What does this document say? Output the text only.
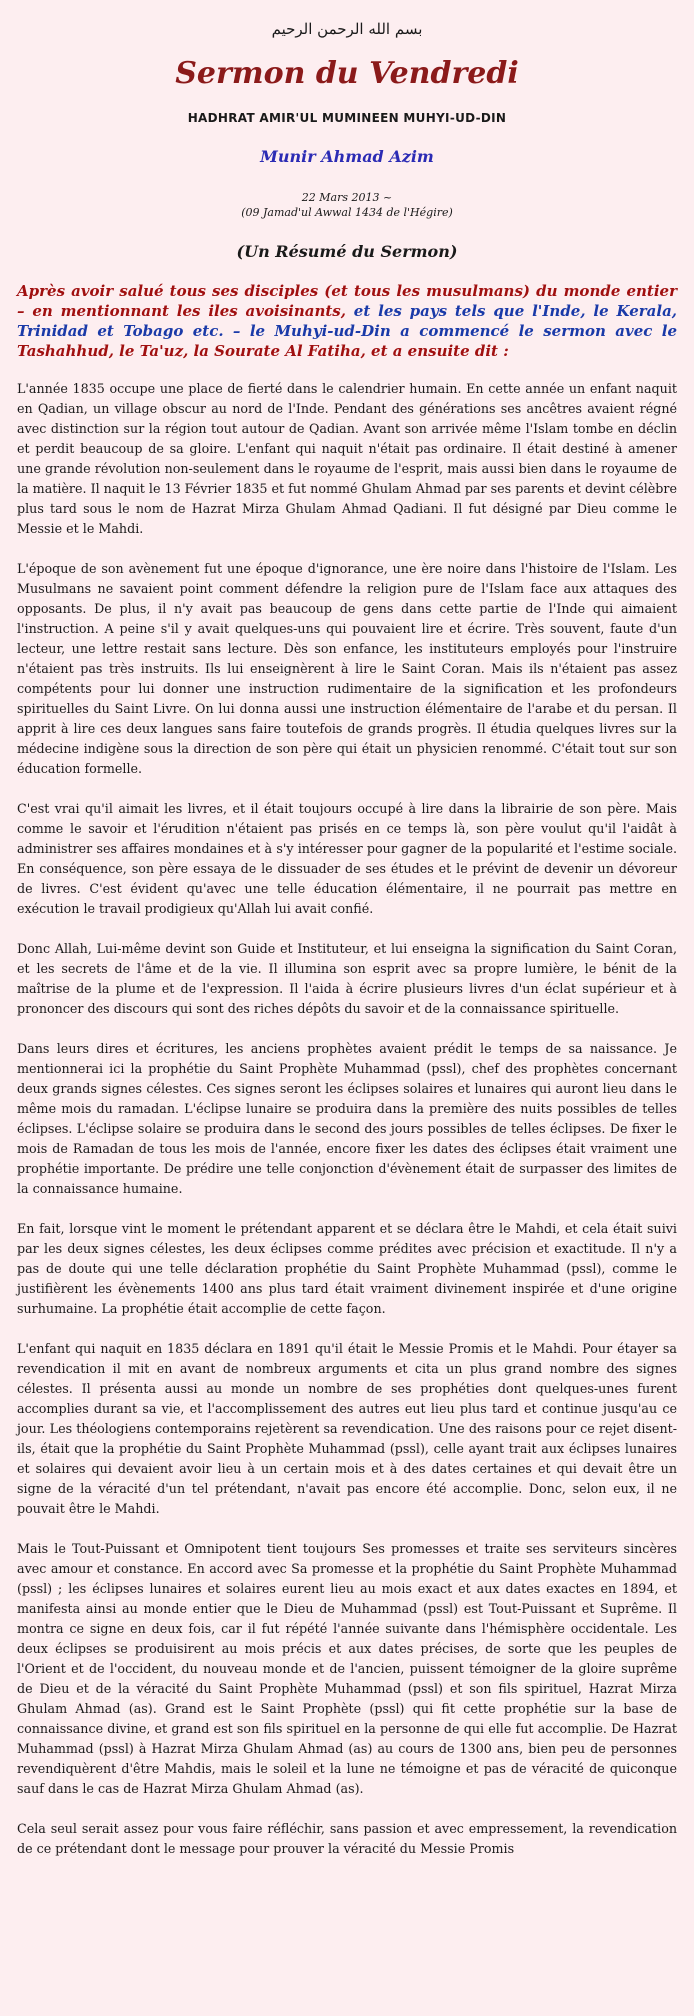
بسم الله الرحمن الرحيم
Sermon du Vendredi
HADHRAT AMIR'UL MUMINEEN MUHYI-UD-DIN
Munir Ahmad Azim
22 Mars 2013 ~
(09 Jamad'ul Awwal 1434 de l'Hégire)
(Un Résumé du Sermon)
Après avoir salué tous ses disciples (et tous les musulmans) du monde entier – en mentionnant les iles avoisinants, et les pays tels que l'Inde, le Kerala, Trinidad et Tobago etc. – le Muhyi-ud-Din a commencé le sermon avec le Tashahhud, le Ta'uz, la Sourate Al Fatiha, et a ensuite dit :
L'année 1835 occupe une place de fierté dans le calendrier humain. En cette année un enfant naquit en Qadian, un village obscur au nord de l'Inde. Pendant des générations ses ancêtres avaient régné avec distinction sur la région tout autour de Qadian. Avant son arrivée même l'Islam tombe en déclin et perdit beaucoup de sa gloire. L'enfant qui naquit n'était pas ordinaire. Il était destiné à amener une grande révolution non-seulement dans le royaume de l'esprit, mais aussi bien dans le royaume de la matière. Il naquit le 13 Février 1835 et fut nommé Ghulam Ahmad par ses parents et devint célèbre plus tard sous le nom de Hazrat Mirza Ghulam Ahmad Qadiani. Il fut désigné par Dieu comme le Messie et le Mahdi.
L'époque de son avènement fut une époque d'ignorance, une ère noire dans l'histoire de l'Islam. Les Musulmans ne savaient point comment défendre la religion pure de l'Islam face aux attaques des opposants. De plus, il n'y avait pas beaucoup de gens dans cette partie de l'Inde qui aimaient l'instruction. A peine s'il y avait quelques-uns qui pouvaient lire et écrire. Très souvent, faute d'un lecteur, une lettre restait sans lecture. Dès son enfance, les instituteurs employés pour l'instruire n'étaient pas très instruits. Ils lui enseignèrent à lire le Saint Coran. Mais ils n'étaient pas assez compétents pour lui donner une instruction rudimentaire de la signification et les profondeurs spirituelles du Saint Livre. On lui donna aussi une instruction élémentaire de l'arabe et du persan. Il apprit à lire ces deux langues sans faire toutefois de grands progrès. Il étudia quelques livres sur la médecine indigène sous la direction de son père qui était un physicien renommé. C'était tout sur son éducation formelle.
C'est vrai qu'il aimait les livres, et il était toujours occupé à lire dans la librairie de son père. Mais comme le savoir et l'érudition n'étaient pas prisés en ce temps là, son père voulut qu'il l'aidât à administrer ses affaires mondaines et à s'y intéresser pour gagner de la popularité et l'estime sociale. En conséquence, son père essaya de le dissuader de ses études et le prévint de devenir un dévoreur de livres. C'est évident qu'avec une telle éducation élémentaire, il ne pourrait pas mettre en exécution le travail prodigieux qu'Allah lui avait confié.
Donc Allah, Lui-même devint son Guide et Instituteur, et lui enseigna la signification du Saint Coran, et les secrets de l'âme et de la vie. Il illumina son esprit avec sa propre lumière, le bénit de la maîtrise de la plume et de l'expression. Il l'aida à écrire plusieurs livres d'un éclat supérieur et à prononcer des discours qui sont des riches dépôts du savoir et de la connaissance spirituelle.
Dans leurs dires et écritures, les anciens prophètes avaient prédit le temps de sa naissance. Je mentionnerai ici la prophétie du Saint Prophète Muhammad (pssl), chef des prophètes concernant deux grands signes célestes. Ces signes seront les éclipses solaires et lunaires qui auront lieu dans le même mois du ramadan. L'éclipse lunaire se produira dans la première des nuits possibles de telles éclipses. L'éclipse solaire se produira dans le second des jours possibles de telles éclipses. De fixer le mois de Ramadan de tous les mois de l'année, encore fixer les dates des éclipses était vraiment une prophétie importante. De prédire une telle conjonction d'évènement était de surpasser des limites de la connaissance humaine.
En fait, lorsque vint le moment le prétendant apparent et se déclara être le Mahdi, et cela était suivi par les deux signes célestes, les deux éclipses comme prédites avec précision et exactitude. Il n'y a pas de doute qui une telle déclaration prophétie du Saint Prophète Muhammad (pssl), comme le justifièrent les évènements 1400 ans plus tard était vraiment divinement inspirée et d'une origine surhumaine. La prophétie était accomplie de cette façon.
L'enfant qui naquit en 1835 déclara en 1891 qu'il était le Messie Promis et le Mahdi. Pour étayer sa revendication il mit en avant de nombreux arguments et cita un plus grand nombre des signes célestes. Il présenta aussi au monde un nombre de ses prophéties dont quelques-unes furent accomplies durant sa vie, et l'accomplissement des autres eut lieu plus tard et continue jusqu'au ce jour. Les théologiens contemporains rejetèrent sa revendication. Une des raisons pour ce rejet disent-ils, était que la prophétie du Saint Prophète Muhammad (pssl), celle ayant trait aux éclipses lunaires et solaires qui devaient avoir lieu à un certain mois et à des dates certaines et qui devait être un signe de la véracité d'un tel prétendant, n'avait pas encore été accomplie. Donc, selon eux, il ne pouvait être le Mahdi.
Mais le Tout-Puissant et Omnipotent tient toujours Ses promesses et traite ses serviteurs sincères avec amour et constance. En accord avec Sa promesse et la prophétie du Saint Prophète Muhammad (pssl) ; les éclipses lunaires et solaires eurent lieu au mois exact et aux dates exactes en 1894, et manifesta ainsi au monde entier que le Dieu de Muhammad (pssl) est Tout-Puissant et Suprême. Il montra ce signe en deux fois, car il fut répété l'année suivante dans l'hémisphère occidentale. Les deux éclipses se produisirent au mois précis et aux dates précises, de sorte que les peuples de l'Orient et de l'occident, du nouveau monde et de l'ancien, puissent témoigner de la gloire suprême de Dieu et de la véracité du Saint Prophète Muhammad (pssl) et son fils spirituel, Hazrat Mirza Ghulam Ahmad (as). Grand est le Saint Prophète (pssl) qui fit cette prophétie sur la base de connaissance divine, et grand est son fils spirituel en la personne de qui elle fut accomplie. De Hazrat Muhammad (pssl) à Hazrat Mirza Ghulam Ahmad (as) au cours de 1300 ans, bien peu de personnes revendiquèrent d'être Mahdis, mais le soleil et la lune ne témoigne et pas de véracité de quiconque sauf dans le cas de Hazrat Mirza Ghulam Ahmad (as).
Cela seul serait assez pour vous faire réfléchir, sans passion et avec empressement, la revendication de ce prétendant dont le message pour prouver la véracité du Messie Promis
